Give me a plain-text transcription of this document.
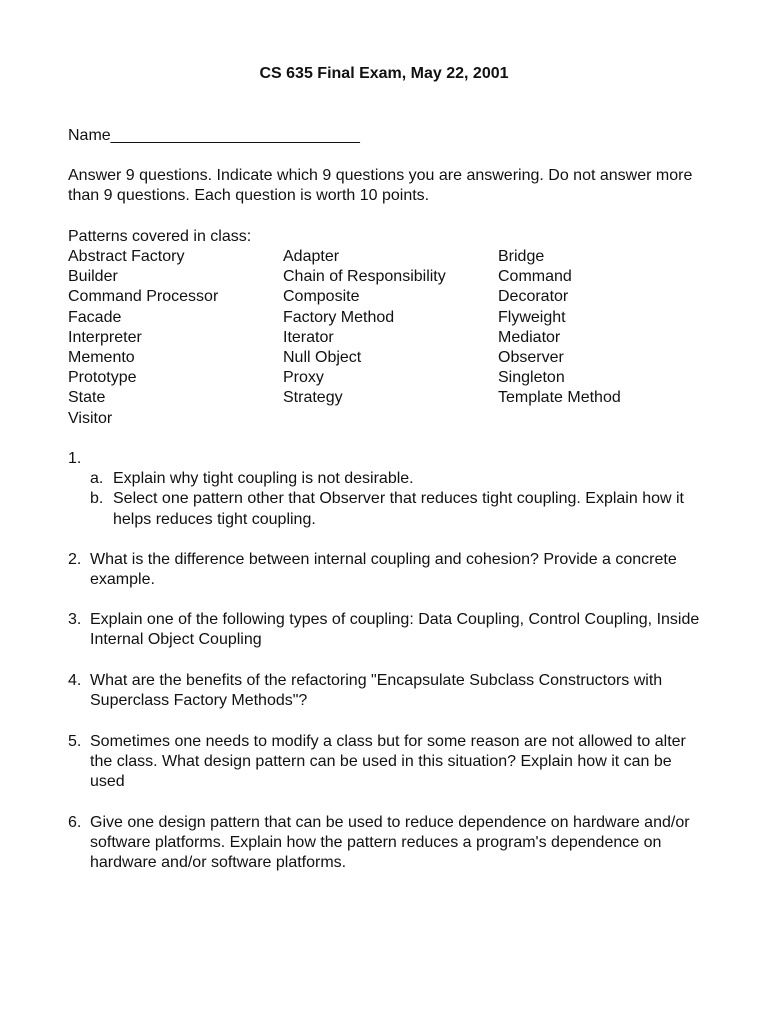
CS 635 Final Exam, May 22, 2001
Name____________________________
Answer 9 questions. Indicate which 9 questions you are answering. Do not answer more than 9 questions. Each question is worth 10 points.
Patterns covered in class:
Abstract Factory	Adapter	Bridge
Builder	Chain of Responsibility	Command
Command Processor	Composite	Decorator
Facade	Factory Method	Flyweight
Interpreter	Iterator	Mediator
Memento	Null Object	Observer
Prototype	Proxy	Singleton
State	Strategy	Template Method
Visitor
1.

a. Explain why tight coupling is not desirable.
b. Select one pattern other that Observer that reduces tight coupling. Explain how it helps reduces tight coupling.
2. What is the difference between internal coupling and cohesion? Provide a concrete example.
3. Explain one of the following types of coupling: Data Coupling, Control Coupling, Inside Internal Object Coupling
4. What are the benefits of the refactoring "Encapsulate Subclass Constructors with Superclass Factory Methods"?
5. Sometimes one needs to modify a class but for some reason are not allowed to alter the class. What design pattern can be used in this situation? Explain how it can be used
6. Give one design pattern that can be used to reduce dependence on hardware and/or software platforms. Explain how the pattern reduces a program's dependence on hardware and/or software platforms.
